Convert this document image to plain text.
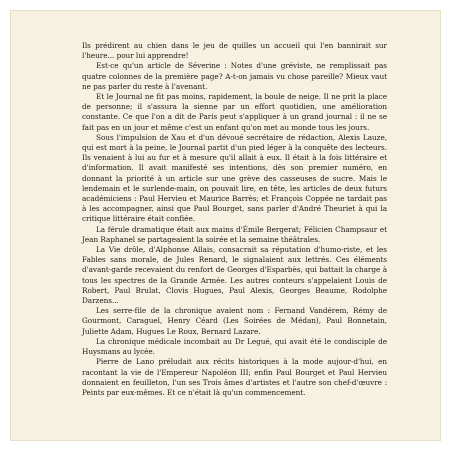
Ils prédirent au chien dans le jeu de quilles un accueil qui l'en bannirait sur l'heure... pour lui apprendre!

Est-ce qu'un article de Séverine : Notes d'une gréviste, ne remplissait pas quatre colonnes de la première page? A-t-on jamais vu chose pareille? Mieux vaut ne pas parler du reste à l'avenant.

Et le Journal ne fit pas moins, rapidement, la boule de neige. Il ne prit la place de personne; il s'assura la sienne par un effort quotidien, une amélioration constante. Ce que l'on a dit de Paris peut s'appliquer à un grand journal : il ne se fait pas en un jour et même c'est un enfant qu'on met au monde tous les jours.

Sous l'impulsion de Xau et d'un dévoué secrétaire de rédaction, Alexis Lauze, qui est mort à la peine, le Journal partit d'un pied léger à la conquête des lecteurs. Ils venaient à lui au fur et à mesure qu'il allait à eux. Il était à la fois littéraire et d'information. Il avait manifesté ses intentions, dès son premier numéro, en donnant la priorité à un article sur une grève des casseuses de sucre. Mais le lendemain et le surlende-main, on pouvait lire, en tête, les articles de deux futurs académiciens : Paul Hervieu et Maurice Barrès; et François Coppée ne tardait pas à les accompagner, ainsi que Paul Bourget, sans parler d'André Theuriet à qui la critique littéraire était confiée.

La férule dramatique était aux mains d'Émile Bergerat; Félicien Champsaur et Jean Raphanel se partageaient la soirée et la semaine théâtrales.

La Vie drôle, d'Alphonse Allais, consacrait sa réputation d'humo-riste, et les Fables sans morale, de Jules Renard, le signalaient aux lettrés. Ces éléments d'avant-garde recevaient du renfort de Georges d'Esparbès, qui battait la charge à tous les spectres de la Grande Armée. Les autres conteurs s'appelaient Louis de Robert, Paul Brulat, Clovis Hugues, Paul Alexis, Georges Beaume, Rodolphe Darzens...

Les serre-file de la chronique avaient nom : Fernand Vandérem, Rémy de Gourmont, Caraguel, Henry Céard (Les Soirées de Médan), Paul Bonnetain, Juliette Adam, Hugues Le Roux, Bernard Lazare.

La chronique médicale incombait au Dr Legué, qui avait été le condisciple de Huysmans au lycée.

Pierre de Lano préludait aux récits historiques à la mode aujour-d'hui, en racontant la vie de l'Empereur Napoléon III; enfin Paul Bourget et Paul Hervieu donnaient en feuilleton, l'un ses Trois âmes d'artistes et l'autre son chef-d'œuvre : Peints par eux-mêmes. Et ce n'était là qu'un commencement.
